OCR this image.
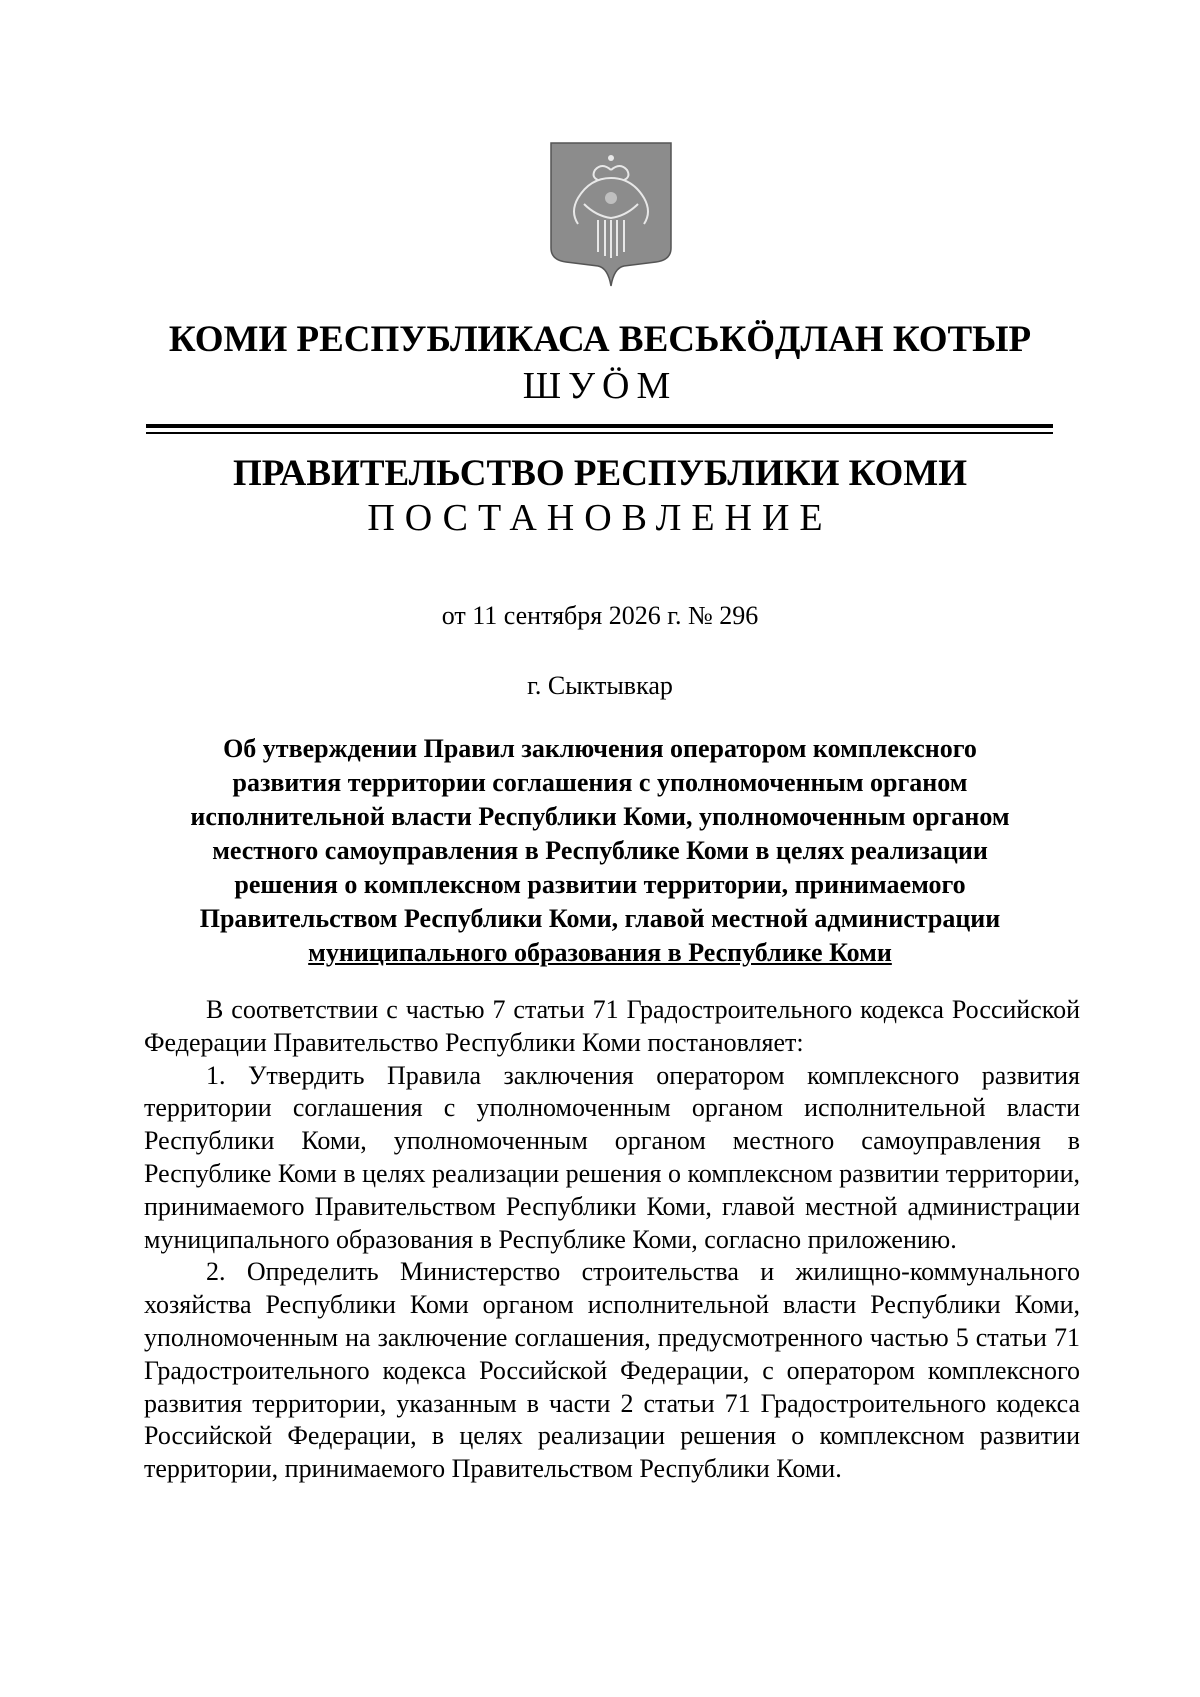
КОМИ РЕСПУБЛИКАСА ВЕСЬКӦДЛАН КОТЫР
ШУӦМ
ПРАВИТЕЛЬСТВО РЕСПУБЛИКИ КОМИ
ПОСТАНОВЛЕНИЕ
от 11 сентября 2026 г. № 296
г. Сыктывкар
Об утверждении Правил заключения оператором комплексного
развития территории соглашения с уполномоченным органом
исполнительной власти Республики Коми, уполномоченным органом
местного самоуправления в Республике Коми в целях реализации
решения о комплексном развитии территории, принимаемого
Правительством Республики Коми, главой местной администрации
муниципального образования в Республике Коми

В соответствии с частью 7 статьи 71 Градостроительного кодекса Российской Федерации Правительство Республики Коми постановляет:

1. Утвердить Правила заключения оператором комплексного развития территории соглашения с уполномоченным органом исполнительной власти Республики Коми, уполномоченным органом местного самоуправления в Республике Коми в целях реализации решения о комплексном развитии территории, принимаемого Правительством Республики Коми, главой местной администрации муниципального образования в Республике Коми, согласно приложению.

2. Определить Министерство строительства и жилищно-коммунального хозяйства Республики Коми органом исполнительной власти Республики Коми, уполномоченным на заключение соглашения, предусмотренного частью 5 статьи 71 Градостроительного кодекса Российской Федерации, с оператором комплексного развития территории, указанным в части 2 статьи 71 Градостроительного кодекса Российской Федерации, в целях реализации решения о комплексном развитии территории, принимаемого Правительством Республики Коми.
